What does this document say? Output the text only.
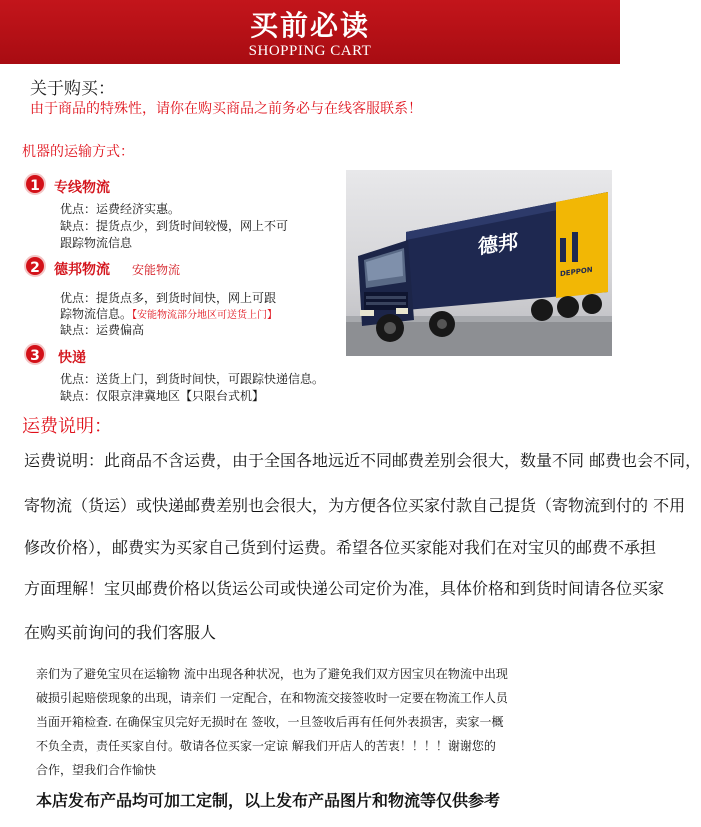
买前必读
SHOPPING CART
关于购买：
由于商品的特殊性，请你在购买商品之前务必与在线客服联系！
机器的运输方式：
1	专线物流
优点：运费经济实惠。
缺点：提货点少，到货时间较慢，网上不可
跟踪物流信息
2	德邦物流 安能物流
优点：提货点多，到货时间快，网上可跟
踪物流信息。【安能物流部分地区可送货上门】
缺点：运费偏高
3	快递
优点：送货上门，到货时间快，可跟踪快递信息。
缺点：仅限京津冀地区【只限台式机】
德邦
DEPPON
运费说明：
运费说明：此商品不含运费，由于全国各地远近不同邮费差别会很大，数量不同 邮费也会不同，
寄物流（货运）或快递邮费差别也会很大，为方便各位买家付款自己提货（寄物流到付的 不用
修改价格），邮费实为买家自己货到付运费。希望各位买家能对我们在对宝贝的邮费不承担
方面理解！宝贝邮费价格以货运公司或快递公司定价为准，具体价格和到货时间请各位买家
在购买前询问的我们客服人
亲们为了避免宝贝在运输物 流中出现各种状况，也为了避免我们双方因宝贝在物流中出现
破损引起赔偿现象的出现，请亲们 一定配合，在和物流交接签收时一定要在物流工作人员
当面开箱检查. 在确保宝贝完好无损时在 签收，一旦签收后再有任何外表损害，卖家一概
不负全责，责任买家自付。敬请各位买家一定谅 解我们开店人的苦衷！！！！谢谢您的
合作，望我们合作愉快
本店发布产品均可加工定制，以上发布产品图片和物流等仅供参考
